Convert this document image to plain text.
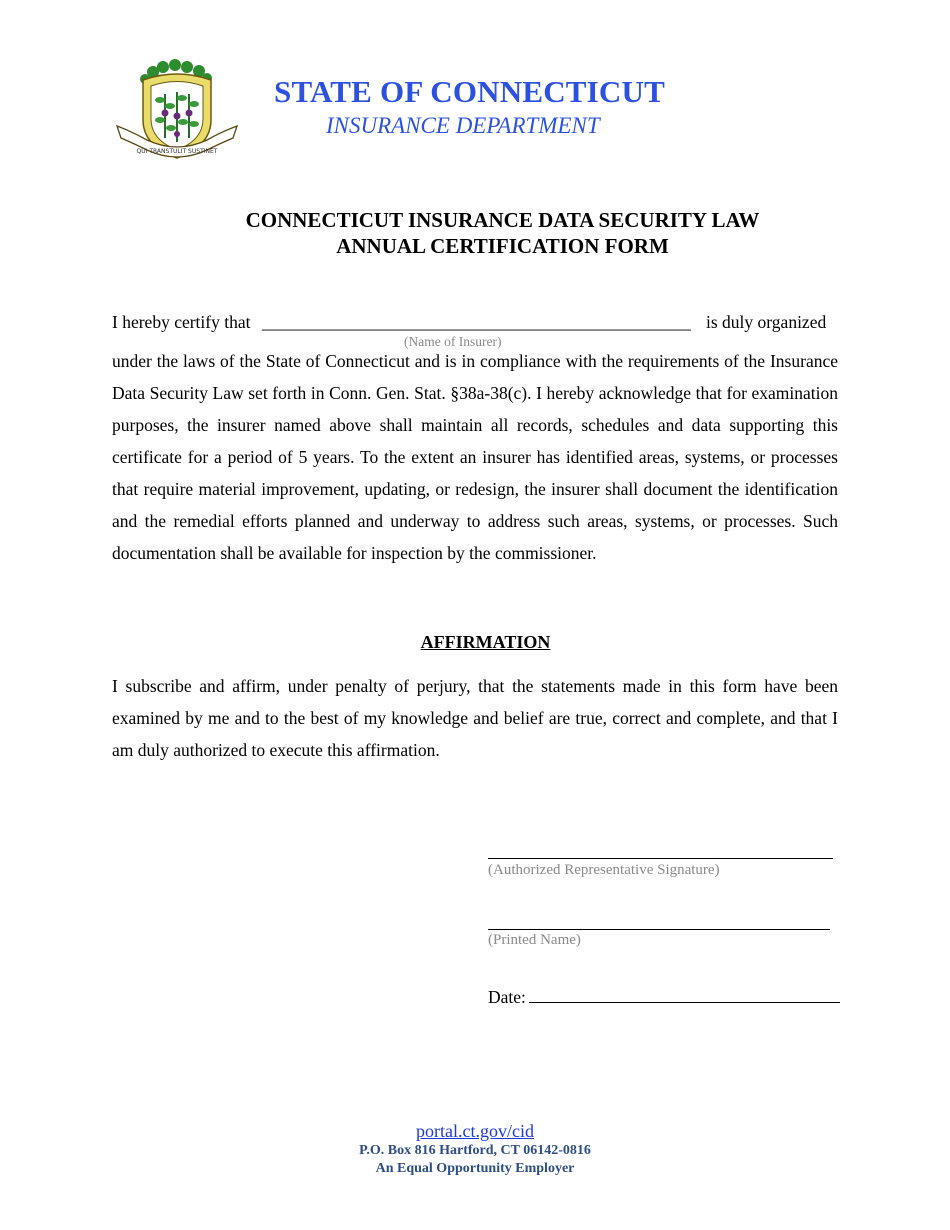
QUI TRANSTULIT SUSTINET
STATE OF CONNECTICUT
INSURANCE DEPARTMENT
CONNECTICUT INSURANCE DATA SECURITY LAW
ANNUAL CERTIFICATION FORM
I hereby certify that _________________________________________________ is duly organized
(Name of Insurer)
under the laws of the State of Connecticut and is in compliance with the requirements of the Insurance Data Security Law set forth in Conn. Gen. Stat. §38a-38(c). I hereby acknowledge that for examination purposes, the insurer named above shall maintain all records, schedules and data supporting this certificate for a period of 5 years. To the extent an insurer has identified areas, systems, or processes that require material improvement, updating, or redesign, the insurer shall document the identification and the remedial efforts planned and underway to address such areas, systems, or processes. Such documentation shall be available for inspection by the commissioner.
AFFIRMATION
I subscribe and affirm, under penalty of perjury, that the statements made in this form have been examined by me and to the best of my knowledge and belief are true, correct and complete, and that I am duly authorized to execute this affirmation.
(Authorized Representative Signature)
(Printed Name)
Date:
portal.ct.gov/cid
P.O. Box 816 Hartford, CT 06142-0816
An Equal Opportunity Employer
